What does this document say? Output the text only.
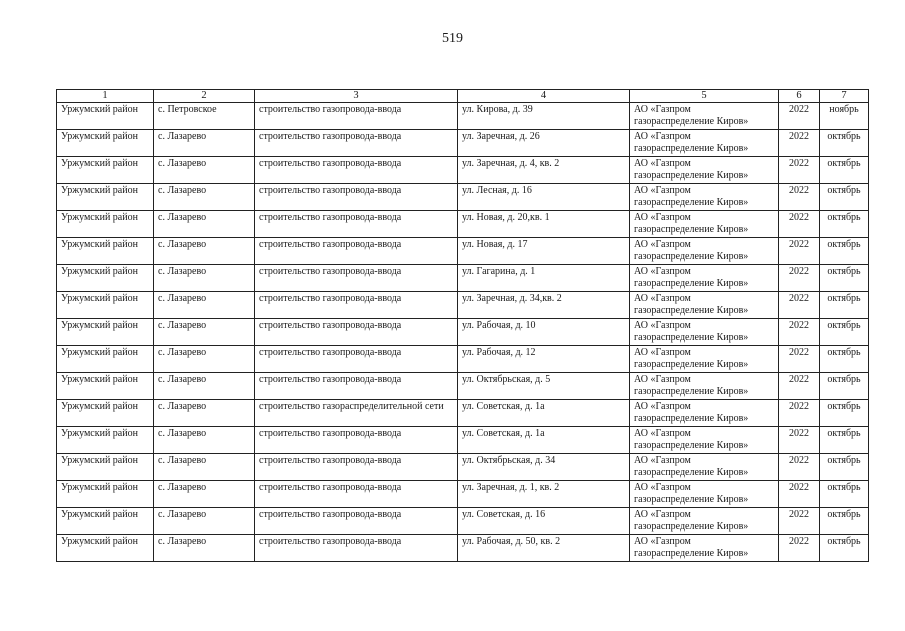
519
1	2	3	4	5	6	7
Уржумский район	с. Петровское	строительство газопровода-ввода	ул. Кирова, д. 39	АО «Газпром
газораспределение Киров»	2022	ноябрь
Уржумский район	с. Лазарево	строительство газопровода-ввода	ул. Заречная, д. 26	АО «Газпром
газораспределение Киров»	2022	октябрь
Уржумский район	с. Лазарево	строительство газопровода-ввода	ул. Заречная, д. 4, кв. 2	АО «Газпром
газораспределение Киров»	2022	октябрь
Уржумский район	с. Лазарево	строительство газопровода-ввода	ул. Лесная, д. 16	АО «Газпром
газораспределение Киров»	2022	октябрь
Уржумский район	с. Лазарево	строительство газопровода-ввода	ул. Новая, д. 20,кв. 1	АО «Газпром
газораспределение Киров»	2022	октябрь
Уржумский район	с. Лазарево	строительство газопровода-ввода	ул. Новая, д. 17	АО «Газпром
газораспределение Киров»	2022	октябрь
Уржумский район	с. Лазарево	строительство газопровода-ввода	ул. Гагарина, д. 1	АО «Газпром
газораспределение Киров»	2022	октябрь
Уржумский район	с. Лазарево	строительство газопровода-ввода	ул. Заречная, д. 34,кв. 2	АО «Газпром
газораспределение Киров»	2022	октябрь
Уржумский район	с. Лазарево	строительство газопровода-ввода	ул. Рабочая, д. 10	АО «Газпром
газораспределение Киров»	2022	октябрь
Уржумский район	с. Лазарево	строительство газопровода-ввода	ул. Рабочая, д. 12	АО «Газпром
газораспределение Киров»	2022	октябрь
Уржумский район	с. Лазарево	строительство газопровода-ввода	ул. Октябрьская, д. 5	АО «Газпром
газораспределение Киров»	2022	октябрь
Уржумский район	с. Лазарево	строительство газораспределительной сети	ул. Советская, д. 1а	АО «Газпром
газораспределение Киров»	2022	октябрь
Уржумский район	с. Лазарево	строительство газопровода-ввода	ул. Советская, д. 1а	АО «Газпром
газораспределение Киров»	2022	октябрь
Уржумский район	с. Лазарево	строительство газопровода-ввода	ул. Октябрьская, д. 34	АО «Газпром
газораспределение Киров»	2022	октябрь
Уржумский район	с. Лазарево	строительство газопровода-ввода	ул. Заречная, д. 1, кв. 2	АО «Газпром
газораспределение Киров»	2022	октябрь
Уржумский район	с. Лазарево	строительство газопровода-ввода	ул. Советская, д. 16	АО «Газпром
газораспределение Киров»	2022	октябрь
Уржумский район	с. Лазарево	строительство газопровода-ввода	ул. Рабочая, д. 50, кв. 2	АО «Газпром
газораспределение Киров»	2022	октябрь
